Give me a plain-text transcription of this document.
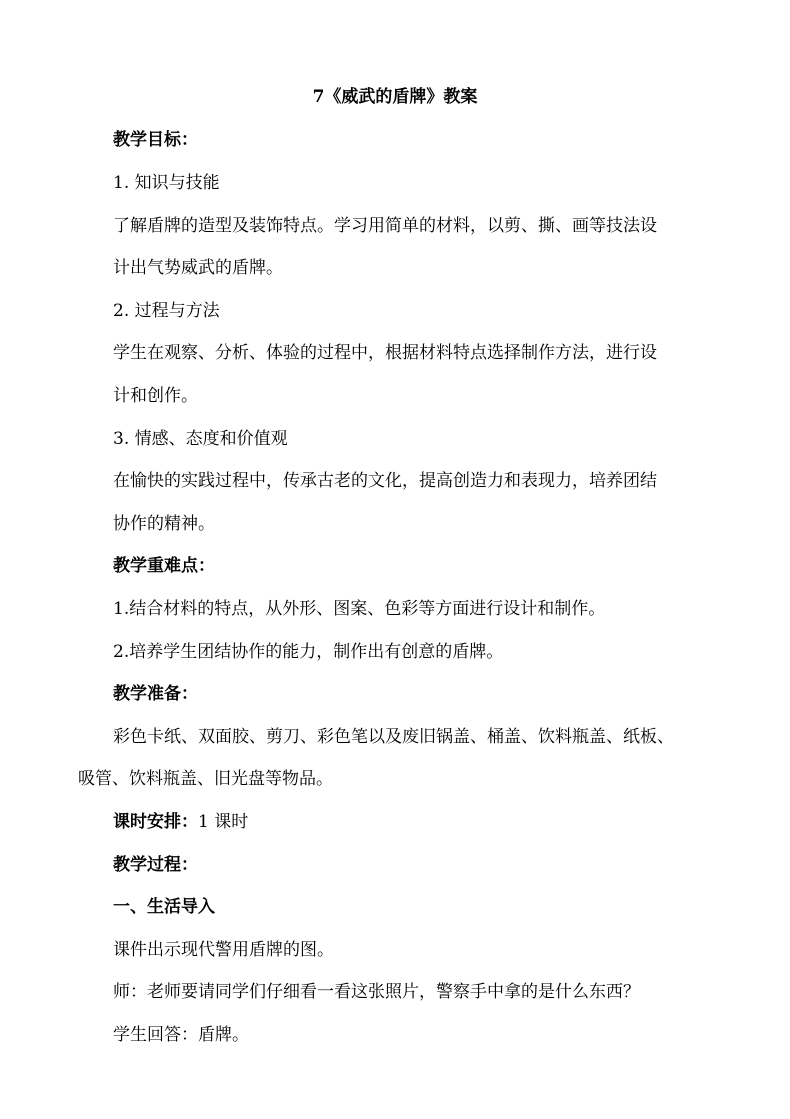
7《威武的盾牌》教案
教学目标：
1. 知识与技能
了解盾牌的造型及装饰特点。学习用简单的材料，以剪、撕、画等技法设
计出气势威武的盾牌。
2. 过程与方法
学生在观察、分析、体验的过程中，根据材料特点选择制作方法，进行设
计和创作。
3. 情感、态度和价值观
在愉快的实践过程中，传承古老的文化，提高创造力和表现力，培养团结
协作的精神。
教学重难点：
1.结合材料的特点，从外形、图案、色彩等方面进行设计和制作。
2.培养学生团结协作的能力，制作出有创意的盾牌。
教学准备：
彩色卡纸、双面胶、剪刀、彩色笔以及废旧锅盖、桶盖、饮料瓶盖、纸板、
吸管、饮料瓶盖、旧光盘等物品。
课时安排：1 课时
教学过程：
一、生活导入
课件出示现代警用盾牌的图。
师：老师要请同学们仔细看一看这张照片，警察手中拿的是什么东西？
学生回答：盾牌。
